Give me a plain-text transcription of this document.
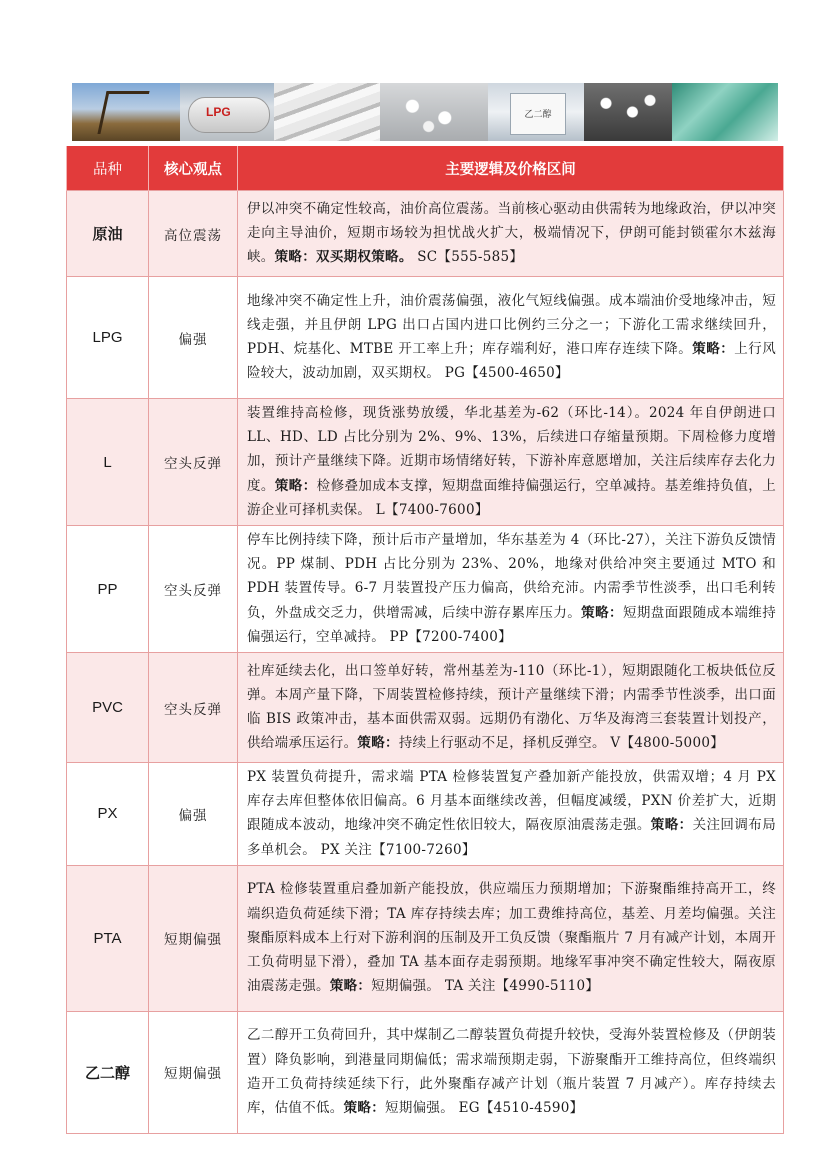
LPG	乙二醇
品种	核心观点	主要逻辑及价格区间
原油	高位震荡	伊以冲突不确定性较高，油价高位震荡。当前核心驱动由供需转为地缘政治，伊以冲突走向主导油价，短期市场较为担忧战火扩大，极端情况下，伊朗可能封锁霍尔木兹海峡。策略：双买期权策略。 SC【555-585】
LPG	偏强	地缘冲突不确定性上升，油价震荡偏强，液化气短线偏强。成本端油价受地缘冲击，短线走强，并且伊朗 LPG 出口占国内进口比例约三分之一；下游化工需求继续回升，PDH、烷基化、MTBE 开工率上升；库存端利好，港口库存连续下降。策略：上行风险较大，波动加剧，双买期权。 PG【4500-4650】
L	空头反弹	装置维持高检修，现货涨势放缓，华北基差为-62（环比-14）。2024 年自伊朗进口 LL、HD、LD 占比分别为 2%、9%、13%，后续进口存缩量预期。下周检修力度增加，预计产量继续下降。近期市场情绪好转，下游补库意愿增加，关注后续库存去化力度。策略：检修叠加成本支撑，短期盘面维持偏强运行，空单减持。基差维持负值，上游企业可择机卖保。 L【7400-7600】
PP	空头反弹	停车比例持续下降，预计后市产量增加，华东基差为 4（环比-27），关注下游负反馈情况。PP 煤制、PDH 占比分别为 23%、20%，地缘对供给冲突主要通过 MTO 和 PDH 装置传导。6-7 月装置投产压力偏高，供给充沛。内需季节性淡季，出口毛利转负，外盘成交乏力，供增需减，后续中游存累库压力。策略：短期盘面跟随成本端维持偏强运行，空单减持。 PP【7200-7400】
PVC	空头反弹	社库延续去化，出口签单好转，常州基差为-110（环比-1），短期跟随化工板块低位反弹。本周产量下降，下周装置检修持续，预计产量继续下滑；内需季节性淡季，出口面临 BIS 政策冲击，基本面供需双弱。远期仍有渤化、万华及海湾三套装置计划投产，供给端承压运行。策略：持续上行驱动不足，择机反弹空。 V【4800-5000】
PX	偏强	PX 装置负荷提升，需求端 PTA 检修装置复产叠加新产能投放，供需双增；4 月 PX 库存去库但整体依旧偏高。6 月基本面继续改善，但幅度减缓，PXN 价差扩大，近期跟随成本波动，地缘冲突不确定性依旧较大，隔夜原油震荡走强。策略：关注回调布局多单机会。 PX 关注【7100-7260】
PTA	短期偏强	PTA 检修装置重启叠加新产能投放，供应端压力预期增加；下游聚酯维持高开工，终端织造负荷延续下滑；TA 库存持续去库；加工费维持高位，基差、月差均偏强。关注聚酯原料成本上行对下游利润的压制及开工负反馈（聚酯瓶片 7 月有减产计划，本周开工负荷明显下滑），叠加 TA 基本面存走弱预期。地缘军事冲突不确定性较大，隔夜原油震荡走强。策略：短期偏强。 TA 关注【4990-5110】
乙二醇	短期偏强	乙二醇开工负荷回升，其中煤制乙二醇装置负荷提升较快，受海外装置检修及（伊朗装置）降负影响，到港量同期偏低；需求端预期走弱，下游聚酯开工维持高位，但终端织造开工负荷持续延续下行，此外聚酯存减产计划（瓶片装置 7 月减产）。库存持续去库，估值不低。策略：短期偏强。 EG【4510-4590】
